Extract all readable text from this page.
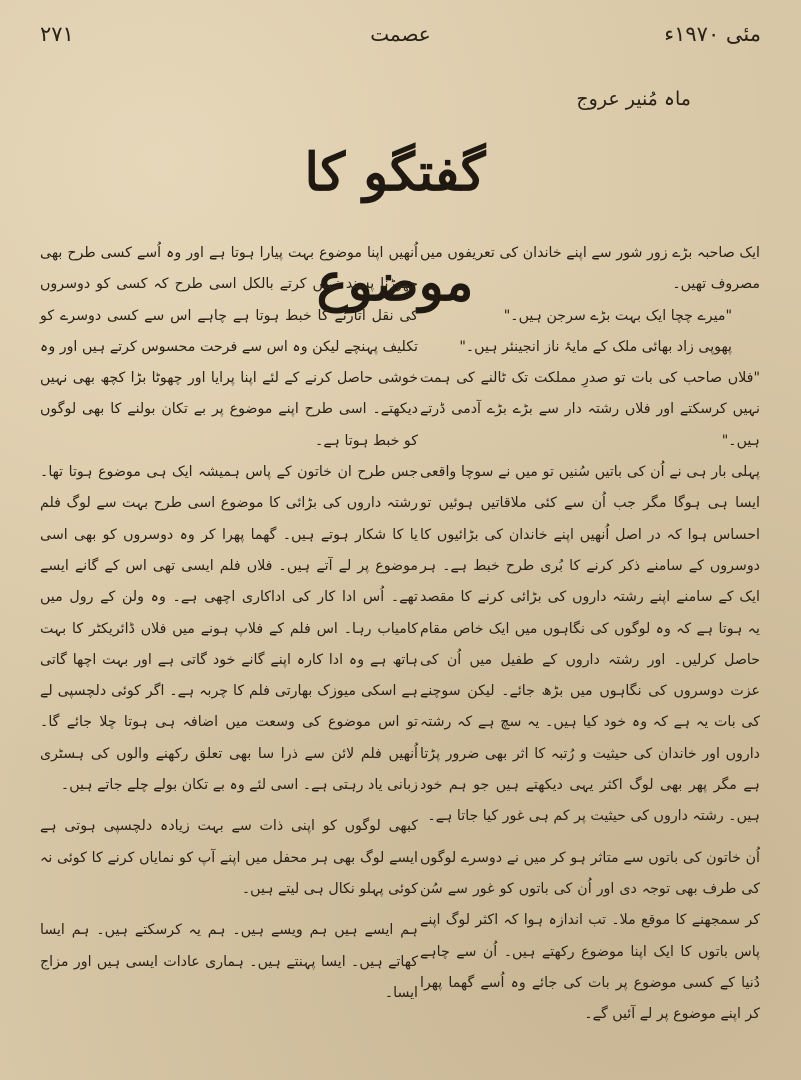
مئی ۱۹۷۰ء
عصمت
۲۷۱
ماہ مُنیر عروج
گفتگو کا موضوع

ایک صاحبہ بڑے زور شور سے اپنے خاندان کی تعریفوں میں مصروف تھیں۔

"میرے چچا ایک بہت بڑے سرجن ہیں۔"

پھوپی زاد بھائی ملک کے مایۂ ناز انجینئر ہیں۔"

"فلاں صاحب کی بات تو صدرِ مملکت تک ٹالنے کی ہمت نہیں کرسکتے اور فلاں رشتہ دار سے بڑے بڑے آدمی ڈرتے ہیں۔"

پہلی بار ہی نے اُن کی باتیں سُنیں تو میں نے سوچا واقعی ایسا ہی ہوگا مگر جب اُن سے کئی ملاقاتیں ہوئیں تو احساس ہوا کہ در اصل اُنھیں اپنے خاندان کی بڑائیوں کا دوسروں کے سامنے ذکر کرنے کا بُری طرح خبط ہے۔ ہر ایک کے سامنے اپنے رشتہ داروں کی بڑائی کرنے کا مقصد یہ ہوتا ہے کہ وہ لوگوں کی نگاہوں میں ایک خاص مقام حاصل کرلیں۔ اور رشتہ داروں کے طفیل میں اُن کی عزت دوسروں کی نگاہوں میں بڑھ جائے۔ لیکن سوچنے کی بات یہ ہے کہ وہ خود کیا ہیں۔ یہ سچ ہے کہ رشتہ داروں اور خاندان کی حیثیت و رُتبہ کا اثر بھی ضرور پڑتا ہے مگر پھر بھی لوگ اکثر یہی دیکھتے ہیں جو ہم خود ہیں۔ رشتہ داروں کی حیثیت پر کم ہی غور کیا جاتا ہے۔

اُن خاتون کی باتوں سے متاثر ہو کر میں نے دوسرے لوگوں کی طرف بھی توجہ دی اور اُن کی باتوں کو غور سے سُن کر سمجھنے کا موقع ملا۔ تب اندازہ ہوا کہ اکثر لوگ اپنے پاس باتوں کا ایک اپنا موضوع رکھتے ہیں۔ اُن سے چاہے دُنیا کے کسی موضوع پر بات کی جائے وہ اُسے گھما پھرا کر اپنے موضوع پر لے آئیں گے۔

اُنھیں اپنا موضوع بہت پیارا ہوتا ہے اور وہ اُسے کسی طرح بھی چھوڑنا پسند نہیں کرتے بالکل اسی طرح کہ کسی کو دوسروں کی نقل اُتارنے کا خبط ہوتا ہے چاہے اس سے کسی دوسرے کو تکلیف پہنچے لیکن وہ اس سے فرحت محسوس کرتے ہیں اور وہ خوشی حاصل کرنے کے لئے اپنا پرایا اور چھوٹا بڑا کچھ بھی نہیں دیکھتے۔ اسی طرح اپنے موضوع پر بے تکان بولنے کا بھی لوگوں کو خبط ہوتا ہے۔

جس طرح ان خاتون کے پاس ہمیشہ ایک ہی موضوع ہوتا تھا۔ رشتہ داروں کی بڑائی کا موضوع اسی طرح بہت سے لوگ فلم یا کا شکار ہوتے ہیں۔ گھما پھرا کر وہ دوسروں کو بھی اسی موضوع پر لے آتے ہیں۔ فلاں فلم ایسی تھی اس کے گانے ایسے تھے۔ اُس ادا کار کی اداکاری اچھی ہے۔ وہ ولن کے رول میں کامیاب رہا۔ اس فلم کے فلاپ ہونے میں فلاں ڈائریکٹر کا بہت ہاتھ ہے وہ ادا کارہ اپنے گانے خود گاتی ہے اور بہت اچھا گاتی ہے اسکی میوزک بھارتی فلم کا چربہ ہے۔ اگر کوئی دلچسپی لے تو اس موضوع کی وسعت میں اضافہ ہی ہوتا چلا جائے گا۔ اُنھیں فلم لائن سے ذرا سا بھی تعلق رکھنے والوں کی ہسٹری زبانی یاد رہتی ہے۔ اسی لئے وہ بے تکان بولے چلے جاتے ہیں۔

کبھی لوگوں کو اپنی ذات سے بہت زیادہ دلچسپی ہوتی ہے ایسے لوگ بھی ہر محفل میں اپنے آپ کو نمایاں کرنے کا کوئی نہ کوئی پہلو نکال ہی لیتے ہیں۔

ہم ایسے ہیں ہم ویسے ہیں۔ ہم یہ کرسکتے ہیں۔ ہم ایسا کھاتے ہیں۔ ایسا پہنتے ہیں۔ ہماری عادات ایسی ہیں اور مزاج ایسا۔
